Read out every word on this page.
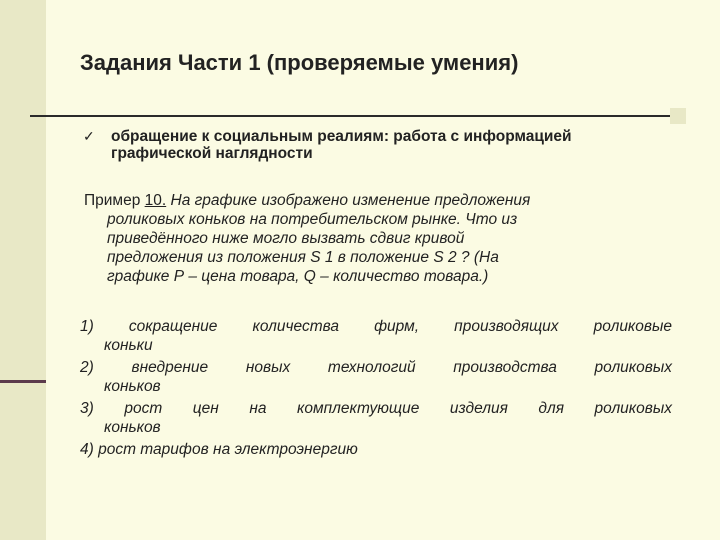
Задания Части 1 (проверяемые умения)
✓	обращение к социальным реалиям: работа с информацией
графической наглядности
Пример 10. На графике изображено изменение предложения
роликовых коньков на потребительском рынке. Что из
приведённого ниже могло вызвать сдвиг кривой
предложения из положения S 1 в положение S 2 ? (На
графике Р – цена товара, Q – количество товара.)
1) сокращение количества фирм, производящих роликовые
коньки
2) внедрение новых технологий производства роликовых
коньков
3) рост цен на комплектующие изделия для роликовых
коньков
4) рост тарифов на электроэнергию
